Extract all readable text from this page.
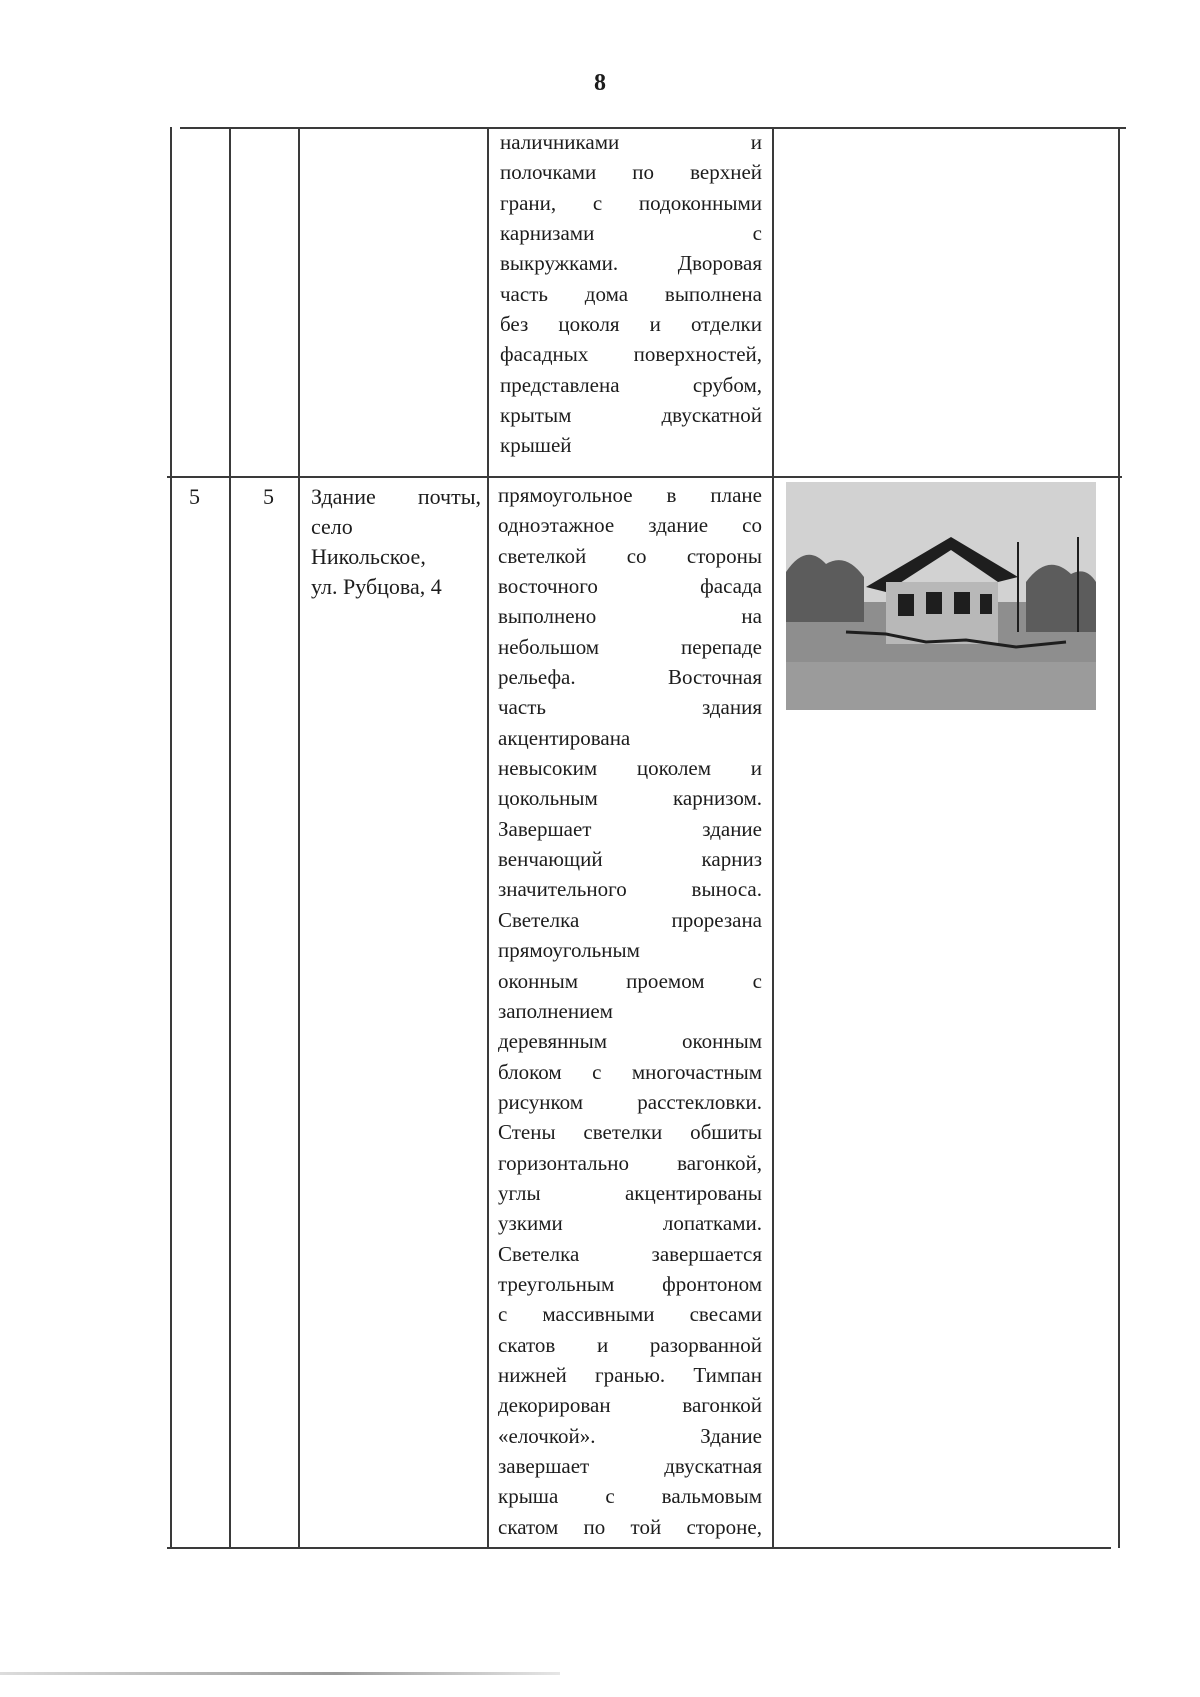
8
наличниками и
полочками по верхней
грани, с подоконными
карнизами с
выкружками. Дворовая
часть дома выполнена
без цоколя и отделки
фасадных поверхностей,
представлена срубом,
крытым двускатной
крышей
5	5 Здание почты,
село
Никольское,
ул. Рубцова, 4
прямоугольное в плане
одноэтажное здание со
светелкой со стороны
восточного фасада
выполнено на
небольшом перепаде
рельефа. Восточная
часть здания
акцентирована
невысоким цоколем и
цокольным карнизом.
Завершает здание
венчающий карниз
значительного выноса.
Светелка прорезана
прямоугольным
оконным проемом с
заполнением
деревянным оконным
блоком с многочастным
рисунком расстекловки.
Стены светелки обшиты
горизонтально вагонкой,
углы акцентированы
узкими лопатками.
Светелка завершается
треугольным фронтоном
с массивными свесами
скатов и разорванной
нижней гранью. Тимпан
декорирован вагонкой
«елочкой». Здание
завершает двускатная
крыша с вальмовым
скатом по той стороне,
